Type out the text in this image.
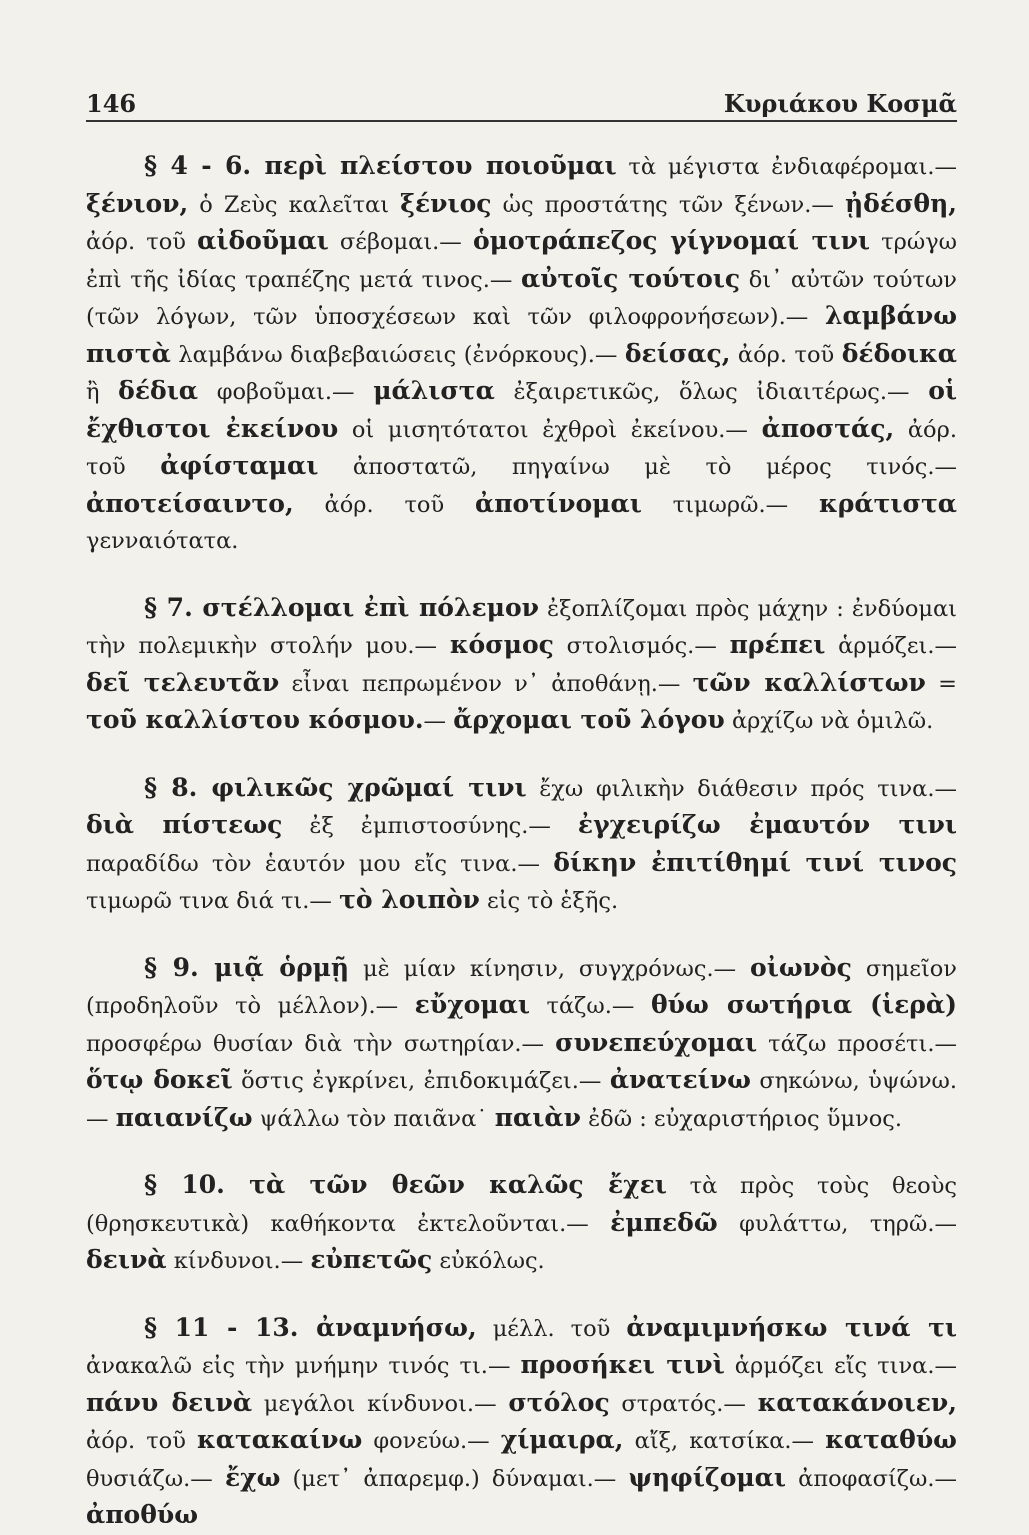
146	Κυριάκου Κοσμᾶ

§ 4 - 6. περὶ πλείστου ποιοῦμαι τὰ μέγιστα ἐνδιαφέρομαι.— ξένιον, ὁ Ζεὺς καλεῖται ξένιος ὡς προστάτης τῶν ξένων.— ᾐδέσθη, ἀόρ. τοῦ αἰδοῦμαι σέβομαι.— ὁμοτράπεζος γίγνομαί τινι τρώγω ἐπὶ τῆς ἰδίας τραπέζης μετά τινος.— αὐτοῖς τούτοις δι᾽ αὐτῶν τούτων (τῶν λόγων, τῶν ὑποσχέσεων καὶ τῶν φιλοφρονήσεων).— λαμβάνω πιστὰ λαμβάνω διαβεβαιώσεις (ἐνόρκους).— δείσας, ἀόρ. τοῦ δέδοικα ἢ δέδια φοβοῦμαι.— μάλιστα ἐξαιρετικῶς, ὅλως ἰδιαιτέρως.— οἱ ἔχθιστοι ἐκείνου οἱ μισητότατοι ἐχθροὶ ἐκείνου.— ἀποστάς, ἀόρ. τοῦ ἀφίσταμαι ἀποστατῶ, πηγαίνω μὲ τὸ μέρος τινός.— ἀποτείσαιντο, ἀόρ. τοῦ ἀποτίνομαι τιμωρῶ.— κράτιστα γενναιότατα.

§ 7. στέλλομαι ἐπὶ πόλεμον ἐξοπλίζομαι πρὸς μάχην : ἐνδύομαι τὴν πολεμικὴν στολήν μου.— κόσμος στολισμός.— πρέπει ἁρμόζει.— δεῖ τελευτᾶν εἶναι πεπρωμένον ν᾽ ἀποθάνῃ.— τῶν καλλίστων = τοῦ καλλίστου κόσμου.— ἄρχομαι τοῦ λόγου ἀρχίζω νὰ ὁμιλῶ.

§ 8. φιλικῶς χρῶμαί τινι ἔχω φιλικὴν διάθεσιν πρός τινα.— διὰ πίστεως ἐξ ἐμπιστοσύνης.— ἐγχειρίζω ἐμαυτόν τινι παραδίδω τὸν ἑαυτόν μου εἴς τινα.— δίκην ἐπιτίθημί τινί τινος τιμωρῶ τινα διά τι.— τὸ λοιπὸν εἰς τὸ ἑξῆς.

§ 9. μιᾷ ὁρμῇ μὲ μίαν κίνησιν, συγχρόνως.— οἰωνὸς σημεῖον (προδηλοῦν τὸ μέλλον).— εὔχομαι τάζω.— θύω σωτήρια (ἱερὰ) προσφέρω θυσίαν διὰ τὴν σωτηρίαν.— συνεπεύχομαι τάζω προσέτι.— ὅτῳ δοκεῖ ὅστις ἐγκρίνει, ἐπιδοκιμάζει.— ἀνατείνω σηκώνω, ὑψώνω.— παιανίζω ψάλλω τὸν παιᾶνα˙ παιὰν ἐδῶ : εὐχαριστήριος ὕμνος.

§ 10. τὰ τῶν θεῶν καλῶς ἔχει τὰ πρὸς τοὺς θεοὺς (θρησκευτικὰ) καθήκοντα ἐκτελοῦνται.— ἐμπεδῶ φυλάττω, τηρῶ.— δεινὰ κίνδυνοι.— εὐπετῶς εὐκόλως.

§ 11 - 13. ἀναμνήσω, μέλλ. τοῦ ἀναμιμνήσκω τινά τι ἀνακαλῶ εἰς τὴν μνήμην τινός τι.— προσήκει τινὶ ἁρμόζει εἴς τινα.— πάνυ δεινὰ μεγάλοι κίνδυνοι.— στόλος στρατός.— κατακάνοιεν, ἀόρ. τοῦ κατακαίνω φονεύω.— χίμαιρα, αἴξ, κατσίκα.— καταθύω θυσιάζω.— ἔχω (μετ᾽ ἀπαρεμφ.) δύναμαι.— ψηφίζομαι ἀποφασίζω.— ἀποθύω
